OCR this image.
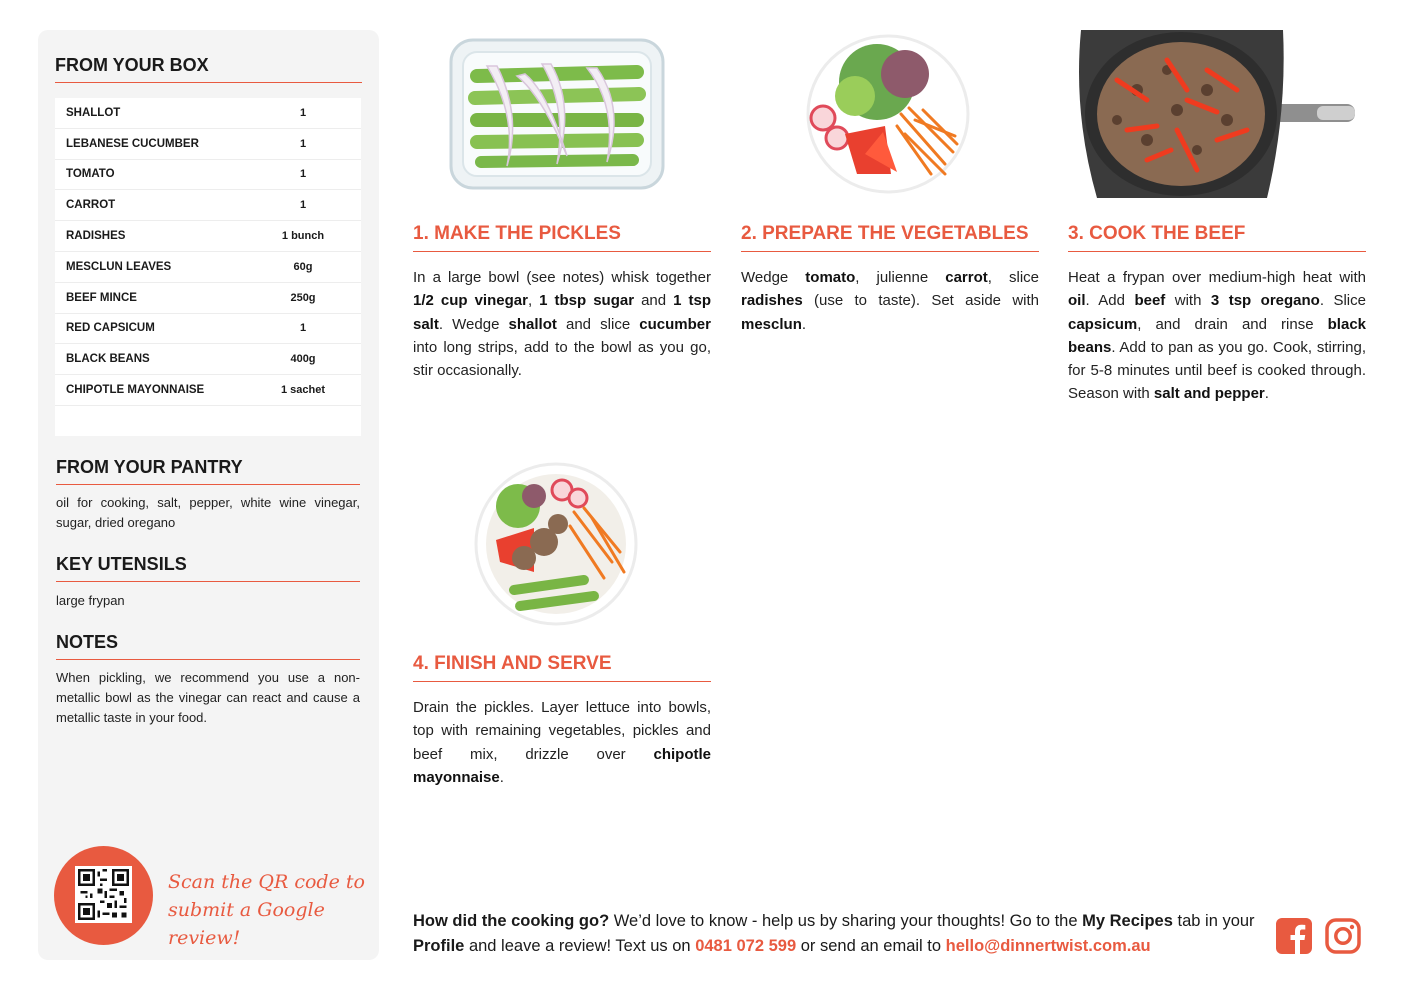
FROM YOUR BOX
SHALLOT	1
LEBANESE CUCUMBER	1
TOMATO	1
CARROT	1
RADISHES	1 bunch
MESCLUN LEAVES	60g
BEEF MINCE	250g
RED CAPSICUM	1
BLACK BEANS	400g
CHIPOTLE MAYONNAISE	1 sachet
FROM YOUR PANTRY
oil for cooking, salt, pepper, white wine vinegar, sugar, dried oregano
KEY UTENSILS
large frypan
NOTES
When pickling, we recommend you use a non-metallic bowl as the vinegar can react and cause a metallic taste in your food.
Scan the QR code to
submit a Google review!
1. MAKE THE PICKLES
In a large bowl (see notes) whisk together 1/2 cup vinegar, 1 tbsp sugar and 1 tsp salt. Wedge shallot and slice cucumber into long strips, add to the bowl as you go, stir occasionally.
2. PREPARE THE VEGETABLES
Wedge tomato, julienne carrot, slice radishes (use to taste). Set aside with mesclun.
3. COOK THE BEEF
Heat a frypan over medium-high heat with oil. Add beef with 3 tsp oregano. Slice capsicum, and drain and rinse black beans. Add to pan as you go. Cook, stirring, for 5-8 minutes until beef is cooked through. Season with salt and pepper.
4. FINISH AND SERVE
Drain the pickles. Layer lettuce into bowls, top with remaining vegetables, pickles and beef mix, drizzle over chipotle mayonnaise.
How did the cooking go? We’d love to know - help us by sharing your thoughts! Go to the My Recipes tab in your Profile and leave a review! Text us on 0481 072 599 or send an email to hello@dinnertwist.com.au
